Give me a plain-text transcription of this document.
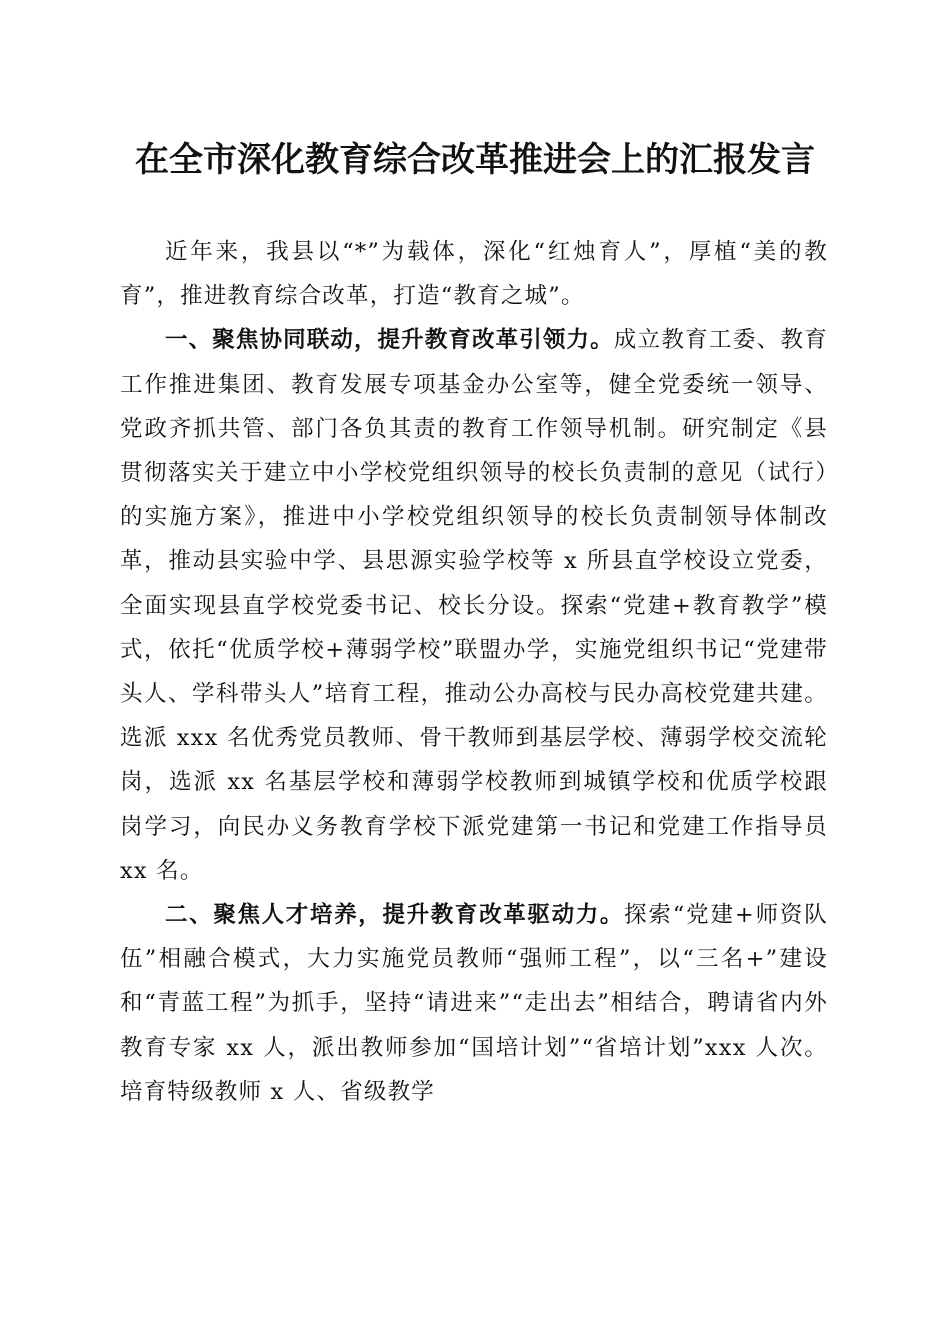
在全市深化教育综合改革推进会上的汇报发言

近年来，我县以“*”为载体，深化“红烛育人”，厚植“美的教育”，推进教育综合改革，打造“教育之城”。

一、聚焦协同联动，提升教育改革引领力。成立教育工委、教育工作推进集团、教育发展专项基金办公室等，健全党委统一领导、党政齐抓共管、部门各负其责的教育工作领导机制。研究制定《县贯彻落实关于建立中小学校党组织领导的校长负责制的意见（试行）的实施方案》，推进中小学校党组织领导的校长负责制领导体制改革，推动县实验中学、县思源实验学校等 x 所县直学校设立党委，全面实现县直学校党委书记、校长分设。探索“党建+教育教学”模式，依托“优质学校+薄弱学校”联盟办学，实施党组织书记“党建带头人、学科带头人”培育工程，推动公办高校与民办高校党建共建。选派 xxx 名优秀党员教师、骨干教师到基层学校、薄弱学校交流轮岗，选派 xx 名基层学校和薄弱学校教师到城镇学校和优质学校跟岗学习，向民办义务教育学校下派党建第一书记和党建工作指导员 xx 名。

二、聚焦人才培养，提升教育改革驱动力。探索“党建+师资队伍”相融合模式，大力实施党员教师“强师工程”，以“三名+”建设和“青蓝工程”为抓手，坚持“请进来”“走出去”相结合，聘请省内外教育专家 xx 人，派出教师参加“国培计划”“省培计划”xxx 人次。培育特级教师 x 人、省级教学
